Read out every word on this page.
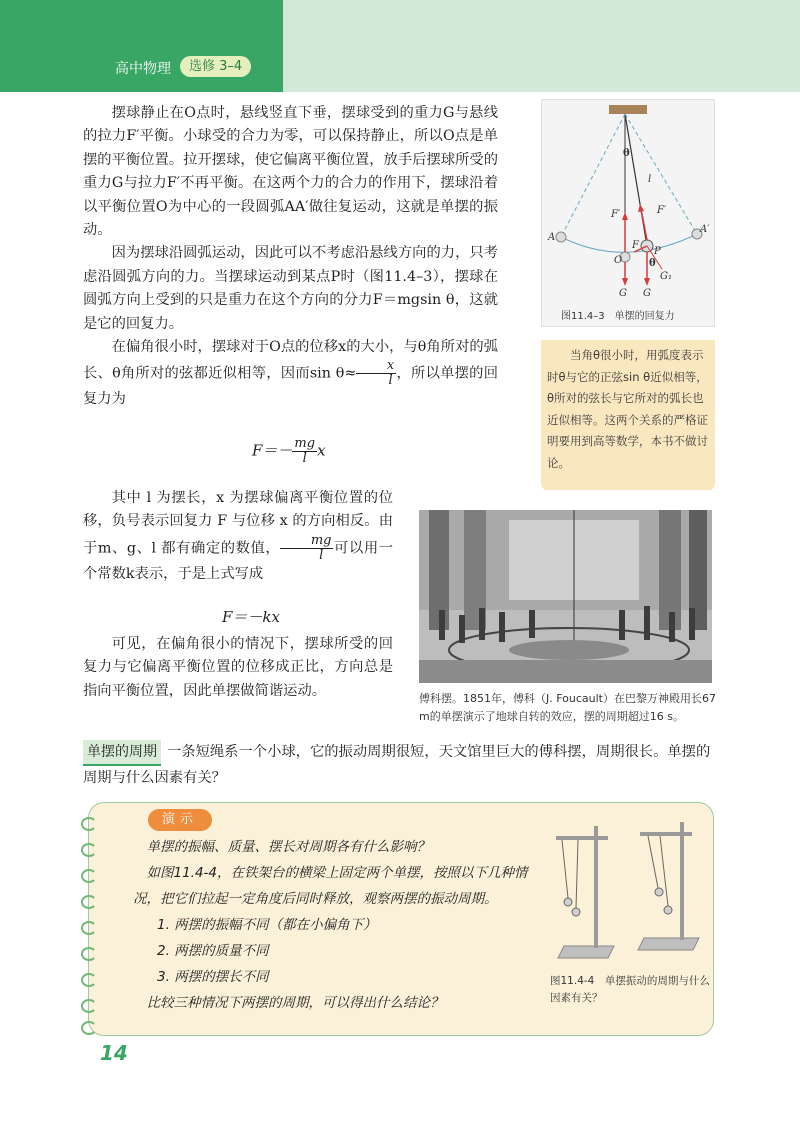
高中物理	选修 3–4
摆球静止在O点时，悬线竖直下垂，摆球受到的重力G与悬线的拉力F′平衡。小球受的合力为零，可以保持静止，所以O点是单摆的平衡位置。拉开摆球，使它偏离平衡位置，放手后摆球所受的重力G与拉力F′不再平衡。在这两个力的合力的作用下，摆球沿着以平衡位置O为中心的一段圆弧AA′做往复运动，这就是单摆的振动。
因为摆球沿圆弧运动，因此可以不考虑沿悬线方向的力，只考虑沿圆弧方向的力。当摆球运动到某点P时（图11.4–3），摆球在圆弧方向上受到的只是重力在这个方向的分力F＝mgsin θ，这就是它的回复力。
在偏角很小时，摆球对于O点的位移x的大小，与θ角所对的弧长、θ角所对的弦都近似相等，因而$\sin \theta\approx \frac{x}{l}$ ，所以单摆的回复力为
$F=- \frac{mg}{l}$ x
其中 l 为摆长，x 为摆球偏离平衡位置的位移，负号表示回复力 F 与位移 x 的方向相反。由于m、g、l 都有确定的数值， $\frac{mg}{l}$ 可以用一个常数k表示，于是上式写成
F＝－kx
可见，在偏角很小的情况下，摆球所受的回复力与它偏离平衡位置的位移成正比，方向总是指向平衡位置，因此单摆做简谐运动。
θ
l
F′	F′
A
A′
O
F
P
θ
G₁
G G
图11.4–3　单摆的回复力
当角θ很小时，用弧度表示时θ与它的正弦sin θ近似相等，θ所对的弦长与它所对的弧长也近似相等。这两个关系的严格证明要用到高等数学，本书不做讨论。
傅科摆。1851年，傅科（J. Foucault）在巴黎万神殿用长67 m的单摆演示了地球自转的效应，摆的周期超过16 s。
单摆的周期 一条短绳系一个小球，它的振动周期很短，天文馆里巨大的傅科摆，周期很长。单摆的周期与什么因素有关？
演示
单摆的振幅、质量、摆长对周期各有什么影响？
如图11.4-4，在铁架台的横梁上固定两个单摆，按照以下几种情况，把它们拉起一定角度后同时释放，观察两摆的振动周期。
1. 两摆的振幅不同（都在小偏角下）
2. 两摆的质量不同
3. 两摆的摆长不同
比较三种情况下两摆的周期，可以得出什么结论？
图11.4-4　单摆振动的周期与什么因素有关？
14
